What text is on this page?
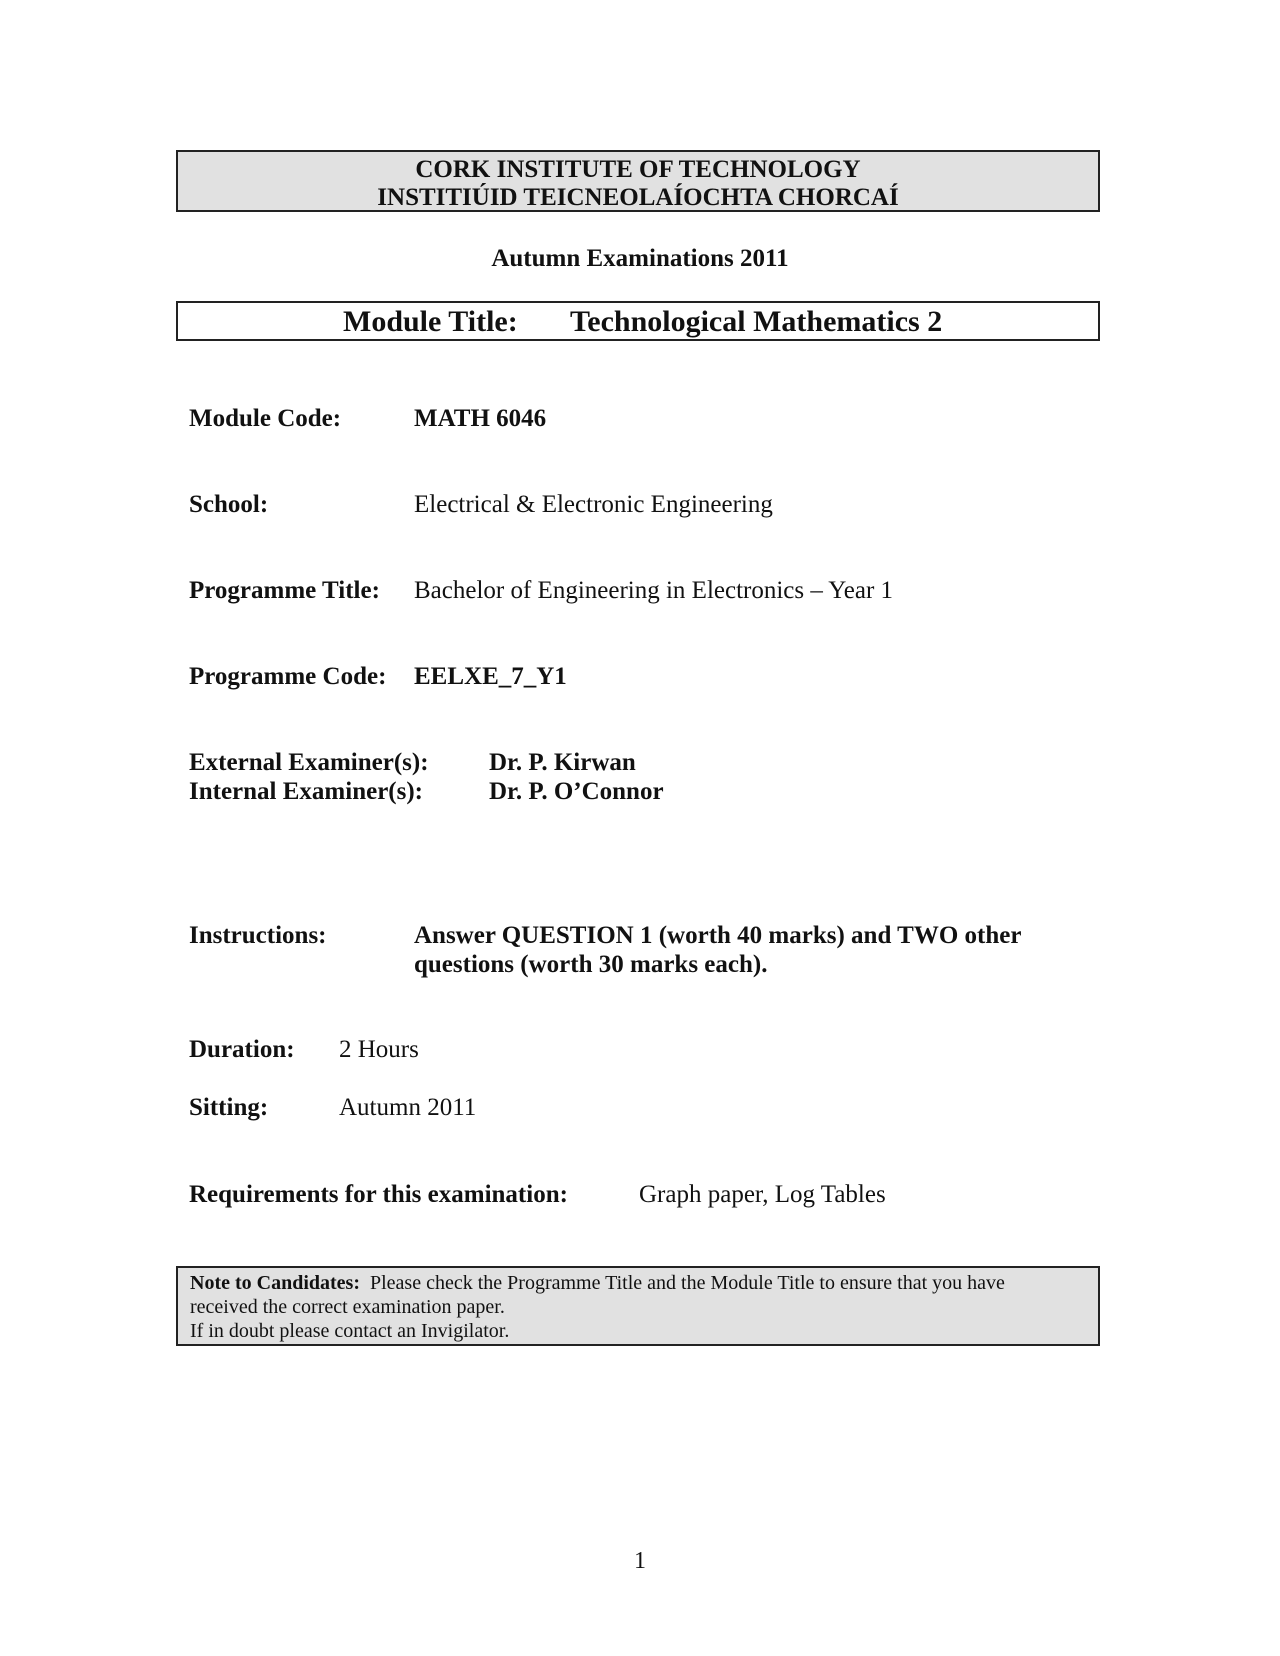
CORK INSTITUTE OF TECHNOLOGY
INSTITIÚID TEICNEOLAÍOCHTA CHORCAÍ
Autumn Examinations 2011
Module Title: Technological Mathematics 2
Module Code:	MATH 6046
School:	Electrical & Electronic Engineering
Programme Title: Bachelor of Engineering in Electronics – Year 1
Programme Code: EELXE_7_Y1
External Examiner(s): Dr. P. Kirwan
Internal Examiner(s):	Dr. P. O’Connor
Instructions:	Answer QUESTION 1 (worth 40 marks) and TWO other
questions (worth 30 marks each).
Duration: 2 Hours
Sitting:	Autumn 2011
Requirements for this examination:	Graph paper, Log Tables
Note to Candidates: Please check the Programme Title and the Module Title to ensure that you have
received the correct examination paper.
If in doubt please contact an Invigilator.
1
